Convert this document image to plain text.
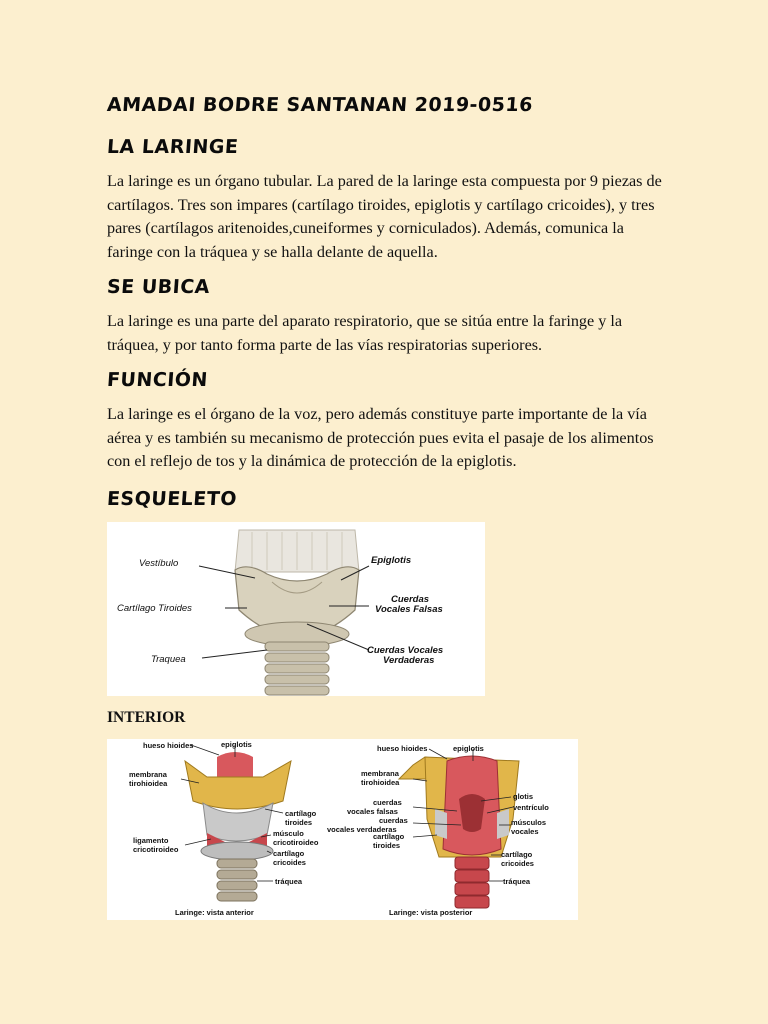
AMADAI BODRE SANTANAN 2019-0516
LA LARINGE

La laringe es un órgano tubular. La pared de la laringe esta compuesta por 9 piezas de cartílagos. Tres son impares (cartílago tiroides, epiglotis y cartílago cricoides), y tres pares (cartílagos aritenoides,cuneiformes y corniculados). Además, comunica la faringe con la tráquea y se halla delante de aquella.

SE UBICA

La laringe es una parte del aparato respiratorio, que se sitúa entre la faringe y la tráquea, y por tanto forma parte de las vías respiratorias superiores.

FUNCIÓN

La laringe es el órgano de la voz, pero además constituye parte importante de la vía aérea y es también su mecanismo de protección pues evita el pasaje de los alimentos con el reflejo de tos y la dinámica de protección de la epiglotis.

ESQUELETO
Vestíbulo	Epiglotis
Cartílago Tiroides
Cuerdas
Vocales Falsas
Traquea
Cuerdas Vocales
Verdaderas
INTERIOR
hueso hioides	epiglotis
membrana
tirohioidea
cartílago
tiroides
ligamento
cricotiroideo
músculo
cricotiroideo
cartílago
cricoides
tráquea
Laringe: vista anterior
hueso hioides	epiglotis
membrana
tirohioidea
glotis
cuerdas
vocales falsas	ventrículo
cuerdas
vocales verdaderas
músculos
vocales
cartílago
tiroides
cartílago
cricoides
tráquea
Laringe: vista posterior
